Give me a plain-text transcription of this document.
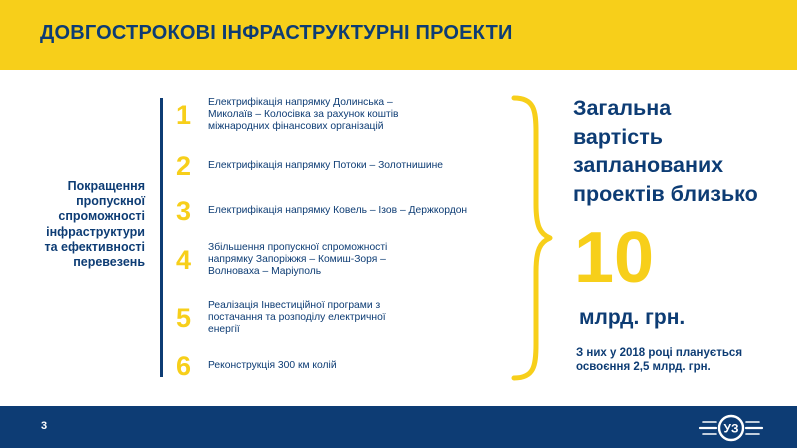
ДОВГОСТРОКОВІ ІНФРАСТРУКТУРНІ ПРОЕКТИ
Покращення
пропускної
спроможності
інфраструктури
та ефективності
перевезень
1	Електрифікація напрямку Долинська –
Миколаїв – Колосівка за рахунок коштів
міжнародних фінансових організацій
2	Електрифікація напрямку Потоки – Золотнишине
3	Електрифікація напрямку Ковель – Ізов – Держкордон
4	Збільшення пропускної спроможності
напрямку Запоріжжя – Комиш-Зоря –
Волноваха – Маріуполь
5	Реалізація Інвестиційної програми з
постачання та розподілу електричної
енергії
6	Реконструкція 300 км колій
Загальна
вартість
запланованих
проектів близько
10
млрд. грн.
З них у 2018 році планується
освоєння 2,5 млрд. грн.
3	УЗ
